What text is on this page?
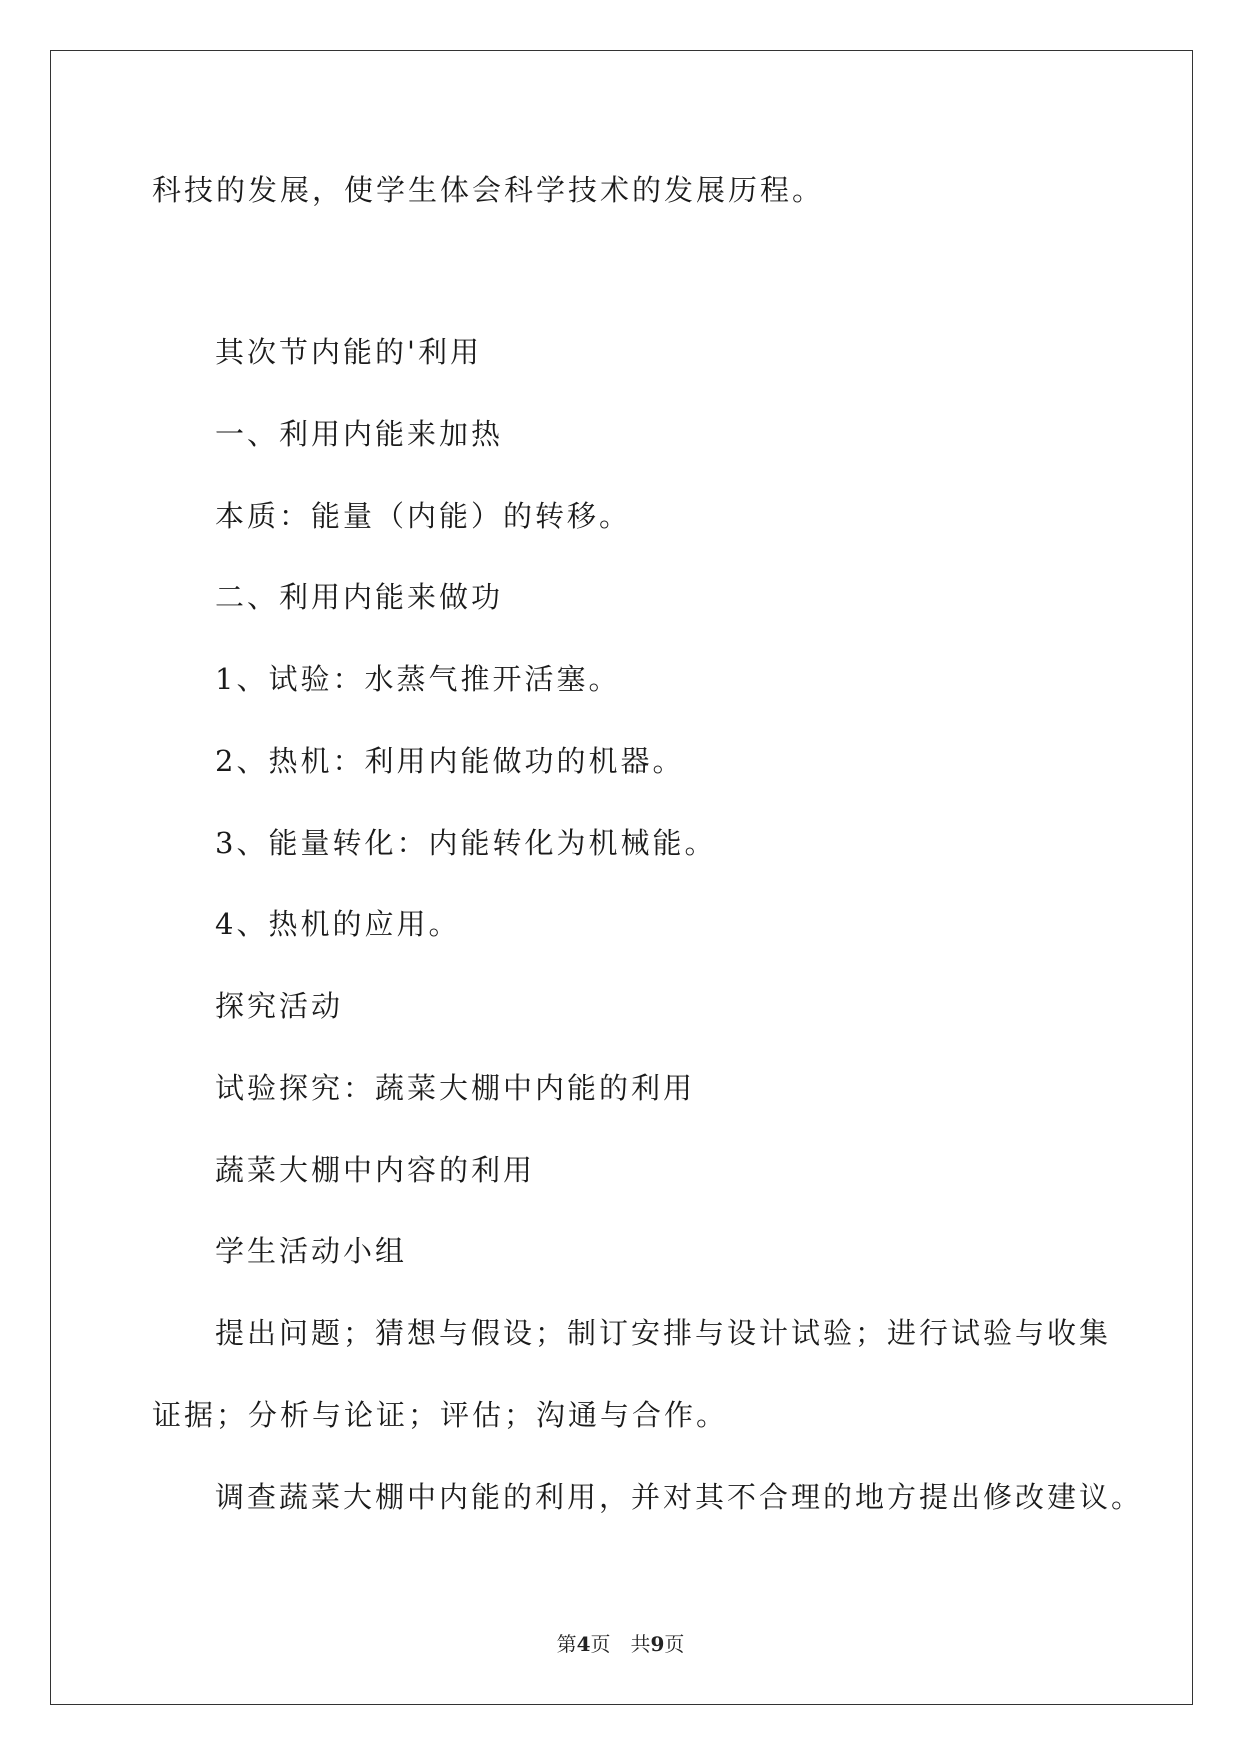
科技的发展，使学生体会科学技术的发展历程。
其次节内能的'利用
一、利用内能来加热
本质：能量（内能）的转移。
二、利用内能来做功
1、试验：水蒸气推开活塞。
2、热机：利用内能做功的机器。
3、能量转化：内能转化为机械能。
4、热机的应用。
探究活动
试验探究：蔬菜大棚中内能的利用
蔬菜大棚中内容的利用
学生活动小组
提出问题；猜想与假设；制订安排与设计试验；进行试验与收集
证据；分析与论证；评估；沟通与合作。
调查蔬菜大棚中内能的利用，并对其不合理的地方提出修改建议。
第4页　共9页
